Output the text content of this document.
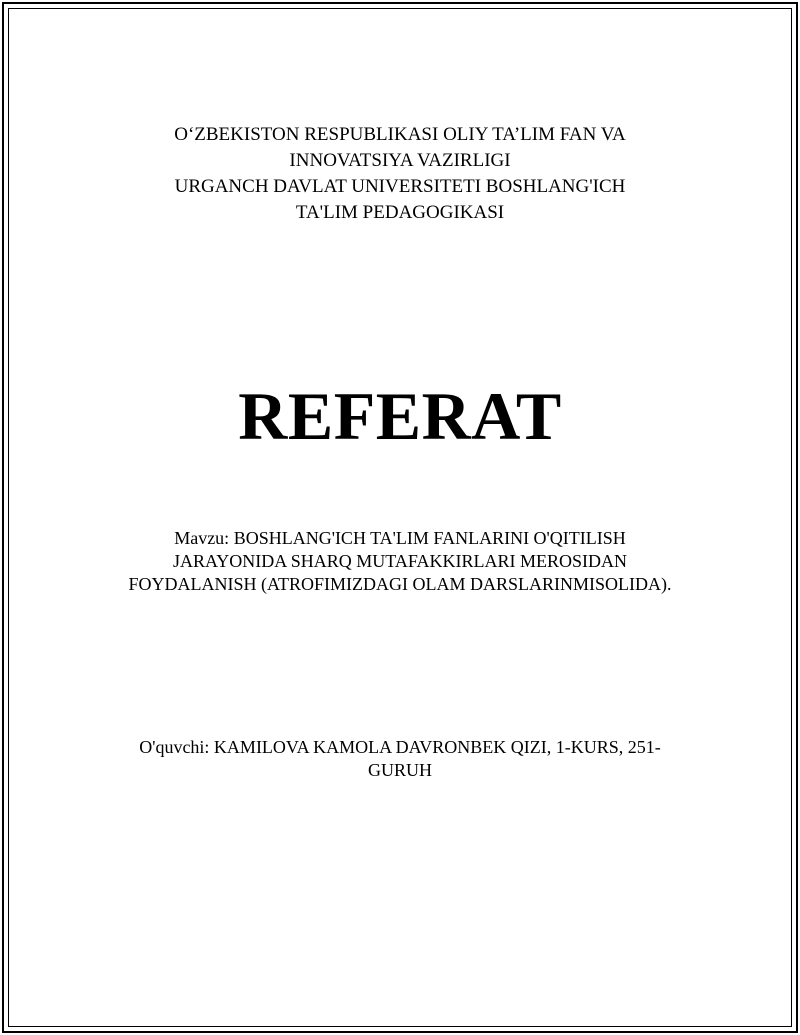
O‘ZBEKISTON RESPUBLIKASI OLIY TA’LIM FAN VA
INNOVATSIYA VAZIRLIGI
URGANCH DAVLAT UNIVERSITETI BOSHLANG'ICH
TA'LIM PEDAGOGIKASI
REFERAT
Mavzu: BOSHLANG'ICH TA'LIM FANLARINI O'QITILISH
JARAYONIDA SHARQ MUTAFAKKIRLARI MEROSIDAN
FOYDALANISH (ATROFIMIZDAGI OLAM DARSLARINMISOLIDA).
O'quvchi: KAMILOVA KAMOLA DAVRONBEK QIZI, 1-KURS, 251-
GURUH
